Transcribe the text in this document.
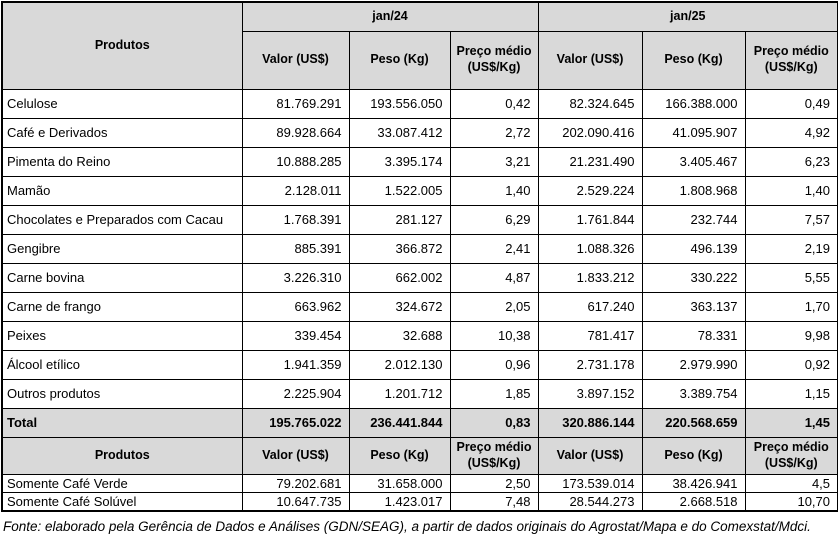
Produtos	jan/24			jan/25		
	Valor (US$)	Peso (Kg)	Preço médio (US$/Kg)	Valor (US$)	Peso (Kg)	Preço médio (US$/Kg)
Celulose	81.769.291	193.556.050	0,42	82.324.645	166.388.000	0,49
Café e Derivados	89.928.664	33.087.412	2,72	202.090.416	41.095.907	4,92
Pimenta do Reino	10.888.285	3.395.174	3,21	21.231.490	3.405.467	6,23
Mamão	2.128.011	1.522.005	1,40	2.529.224	1.808.968	1,40
Chocolates e Preparados com Cacau	1.768.391	281.127	6,29	1.761.844	232.744	7,57
Gengibre	885.391	366.872	2,41	1.088.326	496.139	2,19
Carne bovina	3.226.310	662.002	4,87	1.833.212	330.222	5,55
Carne de frango	663.962	324.672	2,05	617.240	363.137	1,70
Peixes	339.454	32.688	10,38	781.417	78.331	9,98
Álcool etílico	1.941.359	2.012.130	0,96	2.731.178	2.979.990	0,92
Outros produtos	2.225.904	1.201.712	1,85	3.897.152	3.389.754	1,15
Total	195.765.022	236.441.844	0,83	320.886.144	220.568.659	1,45
Produtos	Valor (US$)	Peso (Kg)	Preço médio (US$/Kg)	Valor (US$)	Peso (Kg)	Preço médio (US$/Kg)
Somente Café Verde	79.202.681	31.658.000	2,50	173.539.014	38.426.941	4,5
Somente Café Solúvel	10.647.735	1.423.017	7,48	28.544.273	2.668.518	10,70

Fonte: elaborado pela Gerência de Dados e Análises (GDN/SEAG), a partir de dados originais do Agrostat/Mapa e do Comexstat/Mdci.
